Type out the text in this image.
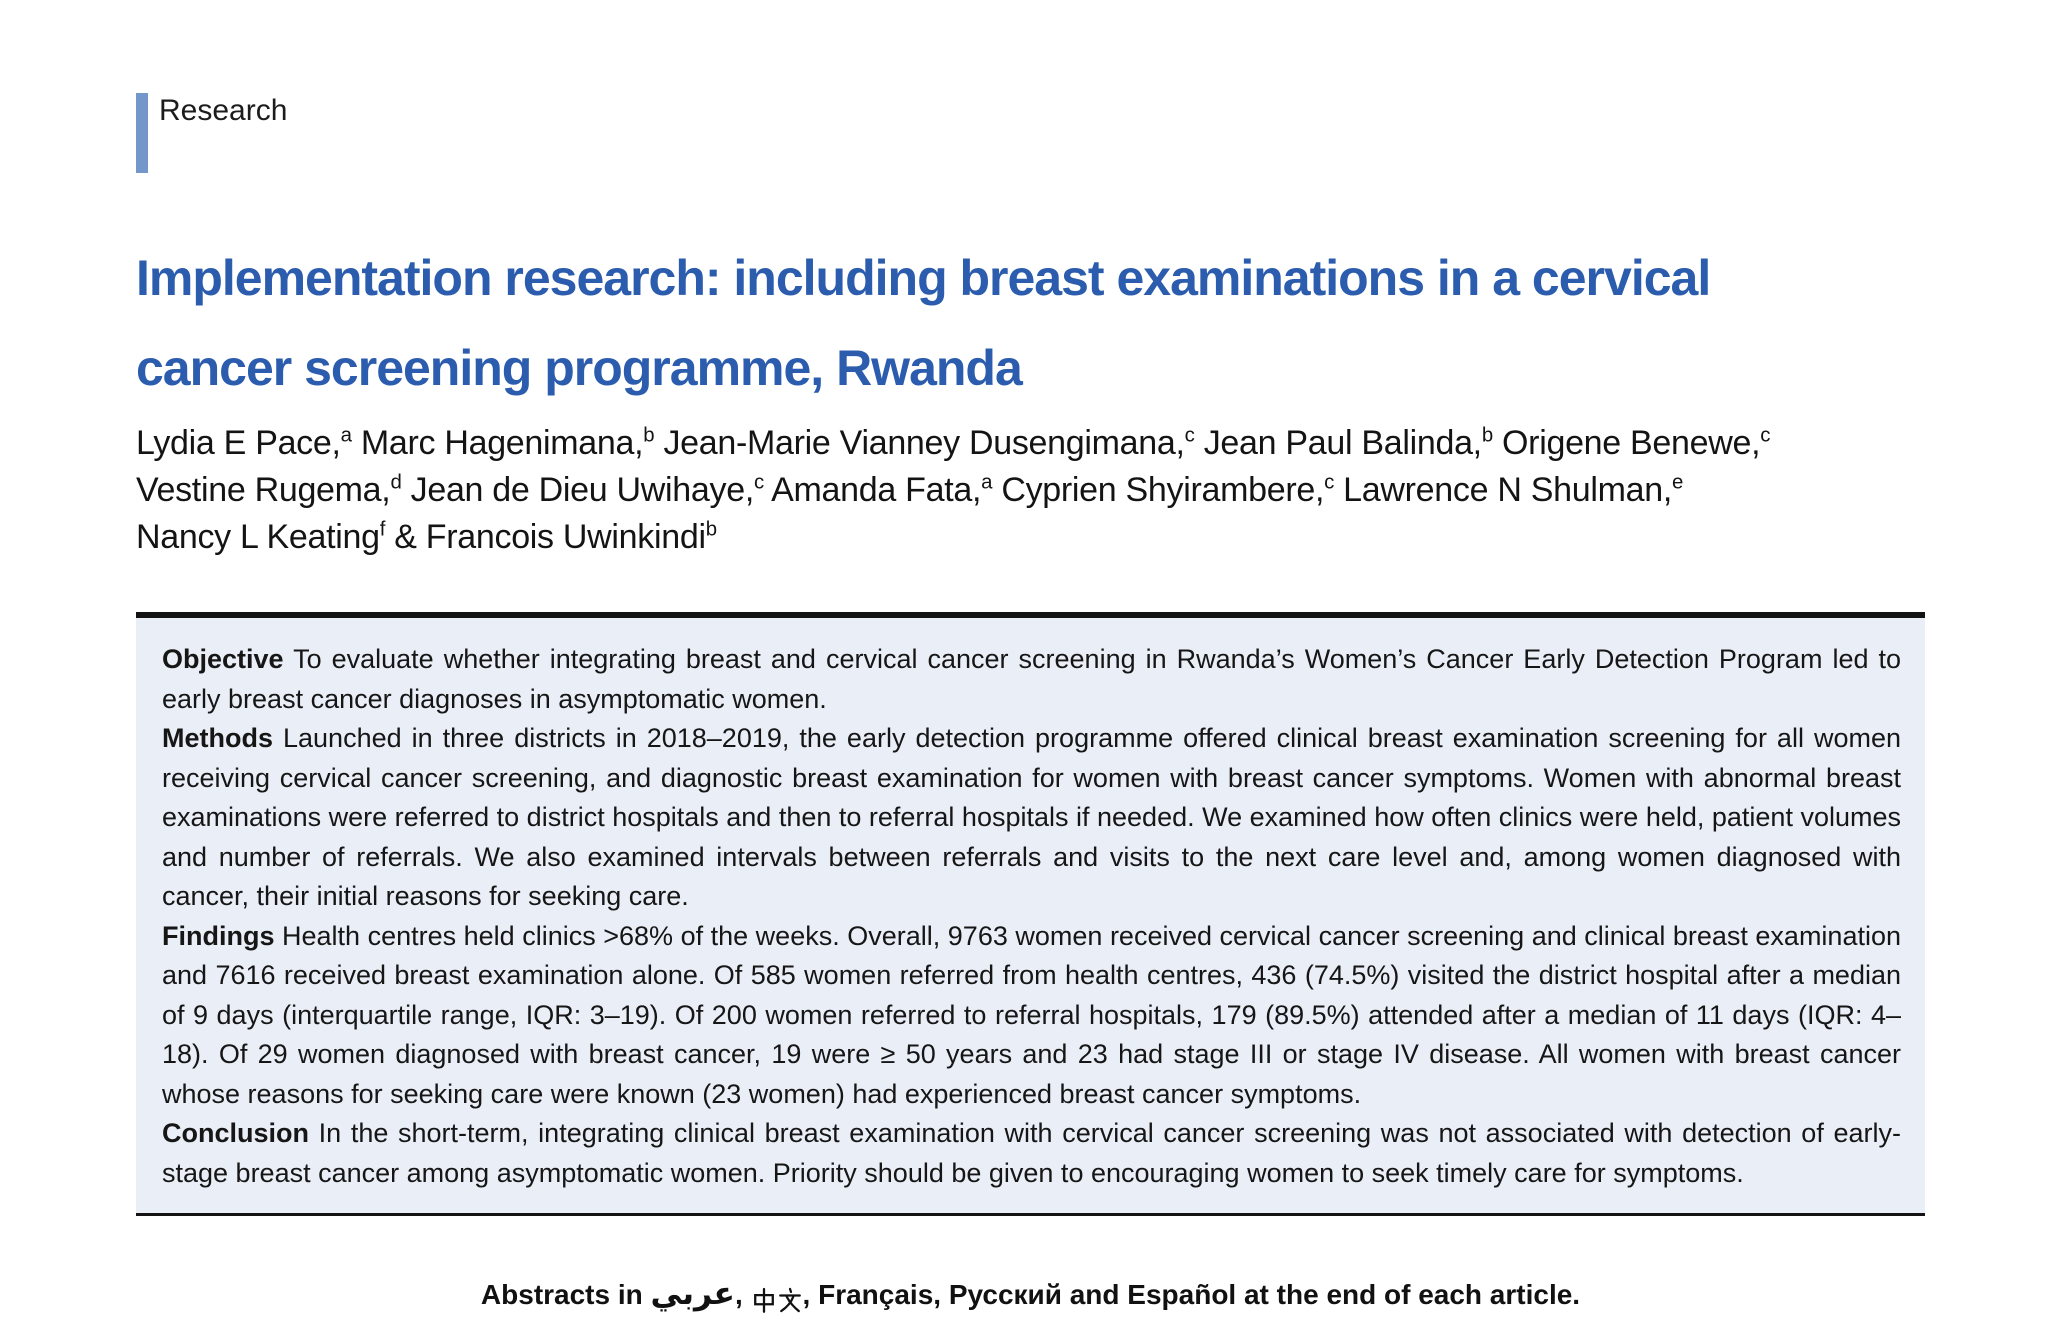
Research
Implementation research: including breast examinations in a cervical
cancer screening programme, Rwanda
Lydia E Pace,$^a$ Marc Hagenimana,$^b$ Jean-Marie Vianney Dusengimana,$^c$ Jean Paul Balinda,$^b$ Origene Benewe,$^c$
Vestine Rugema,$^d$ Jean de Dieu Uwihaye,$^c$ Amanda Fata,$^a$ Cyprien Shyirambere,$^c$ Lawrence N Shulman,$^e$
Nancy L Keating$^f$ & Francois Uwinkindi$^b$

Objective To evaluate whether integrating breast and cervical cancer screening in Rwanda’s Women’s Cancer Early Detection Program led to early breast cancer diagnoses in asymptomatic women.

Methods Launched in three districts in 2018–2019, the early detection programme offered clinical breast examination screening for all women receiving cervical cancer screening, and diagnostic breast examination for women with breast cancer symptoms. Women with abnormal breast examinations were referred to district hospitals and then to referral hospitals if needed. We examined how often clinics were held, patient volumes and number of referrals. We also examined intervals between referrals and visits to the next care level and, among women diagnosed with cancer, their initial reasons for seeking care.

Findings Health centres held clinics >68% of the weeks. Overall, 9763 women received cervical cancer screening and clinical breast examination and 7616 received breast examination alone. Of 585 women referred from health centres, 436 (74.5%) visited the district hospital after a median of 9 days (interquartile range, IQR: 3–19). Of 200 women referred to referral hospitals, 179 (89.5%) attended after a median of 11 days (IQR: 4–18). Of 29 women diagnosed with breast cancer, 19 were ≥ 50 years and 23 had stage III or stage IV disease. All women with breast cancer whose reasons for seeking care were known (23 women) had experienced breast cancer symptoms.

Conclusion In the short-term, integrating clinical breast examination with cervical cancer screening was not associated with detection of early-stage breast cancer among asymptomatic women. Priority should be given to encouraging women to seek timely care for symptoms.

Abstracts in عربي, , Français, Русский and Español at the end of each article.
